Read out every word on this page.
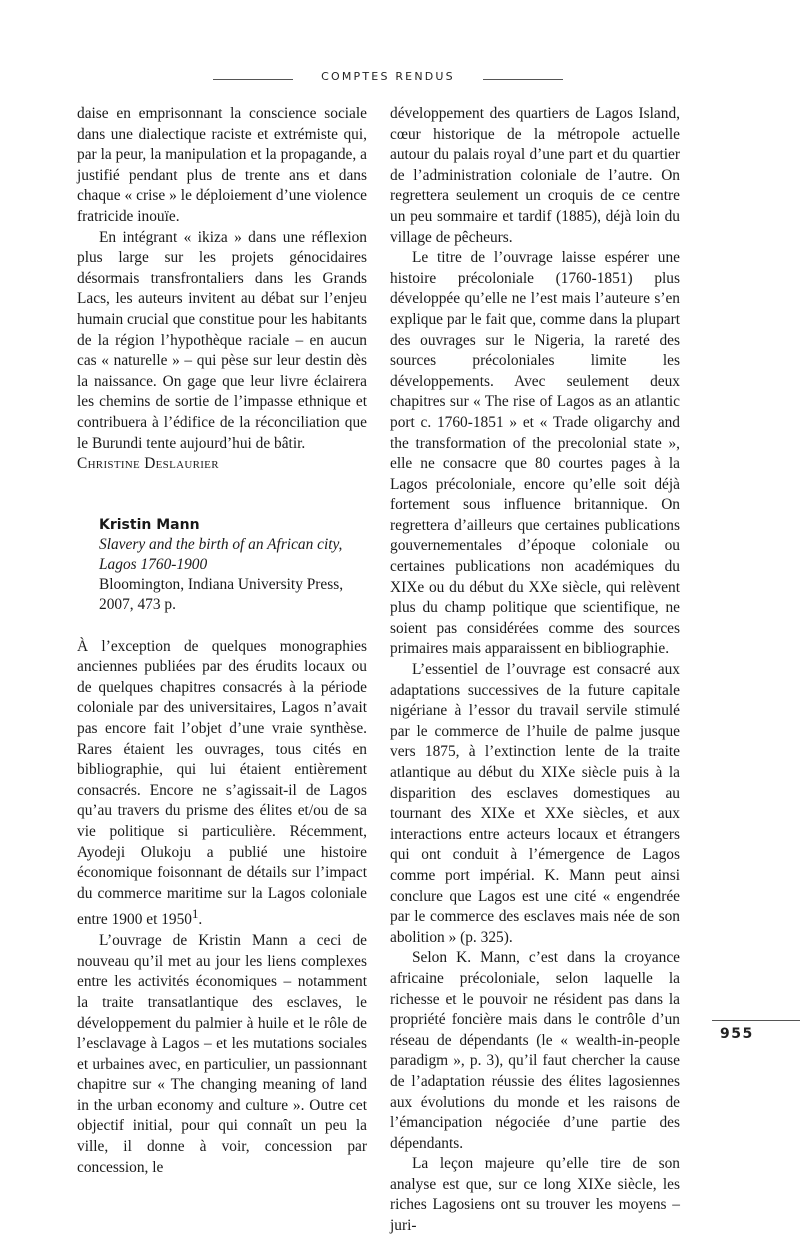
COMPTES RENDUS

daise en emprisonnant la conscience sociale dans une dialectique raciste et extrémiste qui, par la peur, la manipulation et la propagande, a justifié pendant plus de trente ans et dans chaque « crise » le déploiement d’une violence fratricide inouïe.

En intégrant « ikiza » dans une réflexion plus large sur les projets génocidaires désormais transfrontaliers dans les Grands Lacs, les auteurs invitent au débat sur l’enjeu humain crucial que constitue pour les habitants de la région l’hypothèque raciale – en aucun cas « naturelle » – qui pèse sur leur destin dès la naissance. On gage que leur livre éclairera les chemins de sortie de l’impasse ethnique et contribuera à l’édifice de la réconciliation que le Burundi tente aujourd’hui de bâtir.

Christine Deslaurier

Kristin Mann
Slavery and the birth of an African city,
Lagos 1760-1900
Bloomington, Indiana University Press,
2007, 473 p.

À l’exception de quelques monographies anciennes publiées par des érudits locaux ou de quelques chapitres consacrés à la période coloniale par des universitaires, Lagos n’avait pas encore fait l’objet d’une vraie synthèse. Rares étaient les ouvrages, tous cités en bibliographie, qui lui étaient entièrement consacrés. Encore ne s’agissait-il de Lagos qu’au travers du prisme des élites et/ou de sa vie politique si particulière. Récemment, Ayodeji Olukoju a publié une histoire économique foisonnant de détails sur l’impact du commerce maritime sur la Lagos coloniale entre 1900 et 1950$^1$.

L’ouvrage de Kristin Mann a ceci de nouveau qu’il met au jour les liens complexes entre les activités économiques – notamment la traite transatlantique des esclaves, le développement du palmier à huile et le rôle de l’esclavage à Lagos – et les mutations sociales et urbaines avec, en particulier, un passionnant chapitre sur « The changing meaning of land in the urban economy and culture ». Outre cet objectif initial, pour qui connaît un peu la ville, il donne à voir, concession par concession, le

développement des quartiers de Lagos Island, cœur historique de la métropole actuelle autour du palais royal d’une part et du quartier de l’administration coloniale de l’autre. On regrettera seulement un croquis de ce centre un peu sommaire et tardif (1885), déjà loin du village de pêcheurs.

Le titre de l’ouvrage laisse espérer une histoire précoloniale (1760-1851) plus développée qu’elle ne l’est mais l’auteure s’en explique par le fait que, comme dans la plupart des ouvrages sur le Nigeria, la rareté des sources précoloniales limite les développements. Avec seulement deux chapitres sur « The rise of Lagos as an atlantic port c. 1760-1851 » et « Trade oligarchy and the transformation of the precolonial state », elle ne consacre que 80 courtes pages à la Lagos précoloniale, encore qu’elle soit déjà fortement sous influence britannique. On regrettera d’ailleurs que certaines publications gouvernementales d’époque coloniale ou certaines publications non académiques du XIXe ou du début du XXe siècle, qui relèvent plus du champ politique que scientifique, ne soient pas considérées comme des sources primaires mais apparaissent en bibliographie.

L’essentiel de l’ouvrage est consacré aux adaptations successives de la future capitale nigériane à l’essor du travail servile stimulé par le commerce de l’huile de palme jusque vers 1875, à l’extinction lente de la traite atlantique au début du XIXe siècle puis à la disparition des esclaves domestiques au tournant des XIXe et XXe siècles, et aux interactions entre acteurs locaux et étrangers qui ont conduit à l’émergence de Lagos comme port impérial. K. Mann peut ainsi conclure que Lagos est une cité « engendrée par le commerce des esclaves mais née de son abolition » (p. 325).

Selon K. Mann, c’est dans la croyance africaine précoloniale, selon laquelle la richesse et le pouvoir ne résident pas dans la propriété foncière mais dans le contrôle d’un réseau de dépendants (le « wealth-in-people paradigm », p. 3), qu’il faut chercher la cause de l’adaptation réussie des élites lagosiennes aux évolutions du monde et les raisons de l’émancipation négociée d’une partie des dépendants.

La leçon majeure qu’elle tire de son analyse est que, sur ce long XIXe siècle, les riches Lagosiens ont su trouver les moyens – juri-

955
